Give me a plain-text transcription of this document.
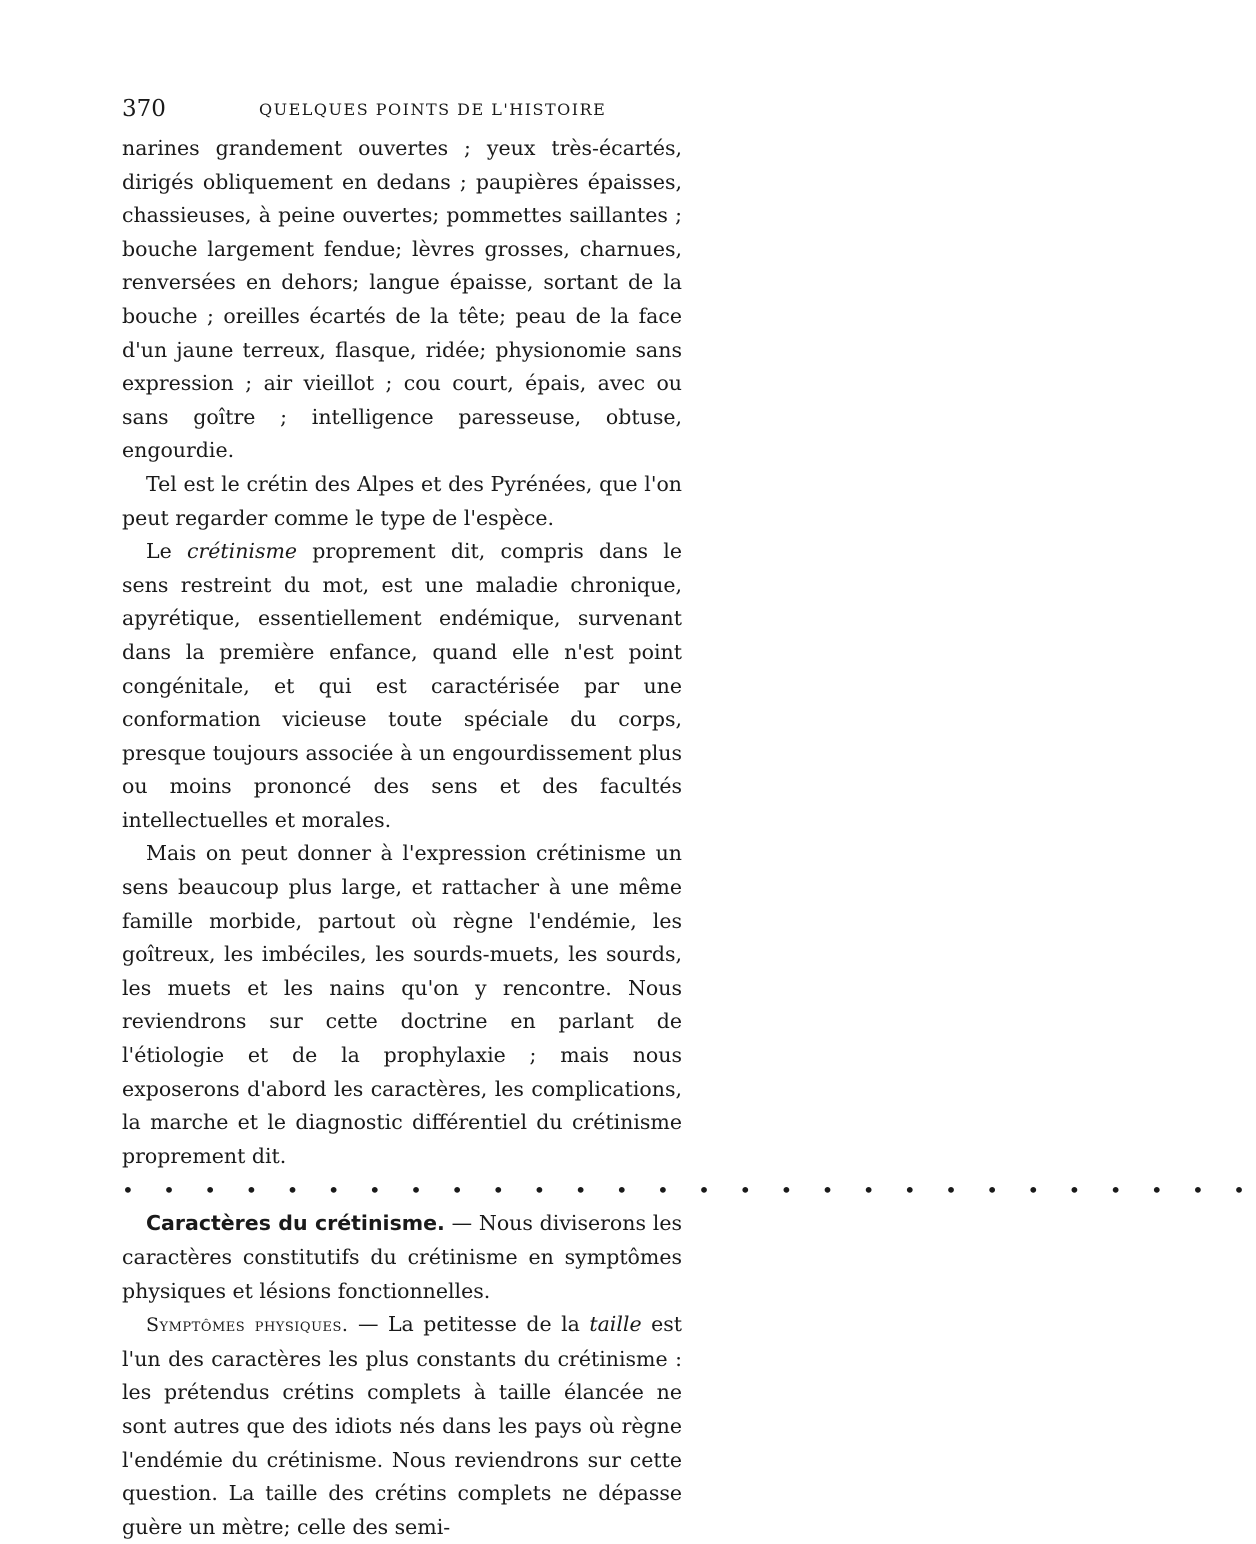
370	QUELQUES POINTS DE L'HISTOIRE

narines grandement ouvertes ; yeux très-écartés, dirigés obliquement en dedans ; paupières épaisses, chassieuses, à peine ouvertes; pommettes saillantes ; bouche largement fendue; lèvres grosses, charnues, renversées en dehors; langue épaisse, sortant de la bouche ; oreilles écartés de la tête; peau de la face d'un jaune terreux, flasque, ridée; physionomie sans expression ; air vieillot ; cou court, épais, avec ou sans goître ; intelligence paresseuse, obtuse, engourdie.

Tel est le crétin des Alpes et des Pyrénées, que l'on peut regarder comme le type de l'espèce.

Le crétinisme proprement dit, compris dans le sens restreint du mot, est une maladie chronique, apyrétique, essentiellement endémique, survenant dans la première enfance, quand elle n'est point congénitale, et qui est caractérisée par une conformation vicieuse toute spéciale du corps, presque toujours associée à un engourdissement plus ou moins prononcé des sens et des facultés intellectuelles et morales.

Mais on peut donner à l'expression crétinisme un sens beaucoup plus large, et rattacher à une même famille morbide, partout où règne l'endémie, les goîtreux, les imbéciles, les sourds-muets, les sourds, les muets et les nains qu'on y rencontre. Nous reviendrons sur cette doctrine en parlant de l'étiologie et de la prophylaxie ; mais nous exposerons d'abord les caractères, les complications, la marche et le diagnostic différentiel du crétinisme proprement dit.

• • • • • • • • • • • • • • • • • • • • • • • • • • • •

Caractères du crétinisme. — Nous diviserons les caractères constitutifs du crétinisme en symptômes physiques et lésions fonctionnelles.

Symptômes physiques. — La petitesse de la taille est l'un des caractères les plus constants du crétinisme : les prétendus crétins complets à taille élancée ne sont autres que des idiots nés dans les pays où règne l'endémie du crétinisme. Nous reviendrons sur cette question. La taille des crétins complets ne dépasse guère un mètre; celle des semi-
